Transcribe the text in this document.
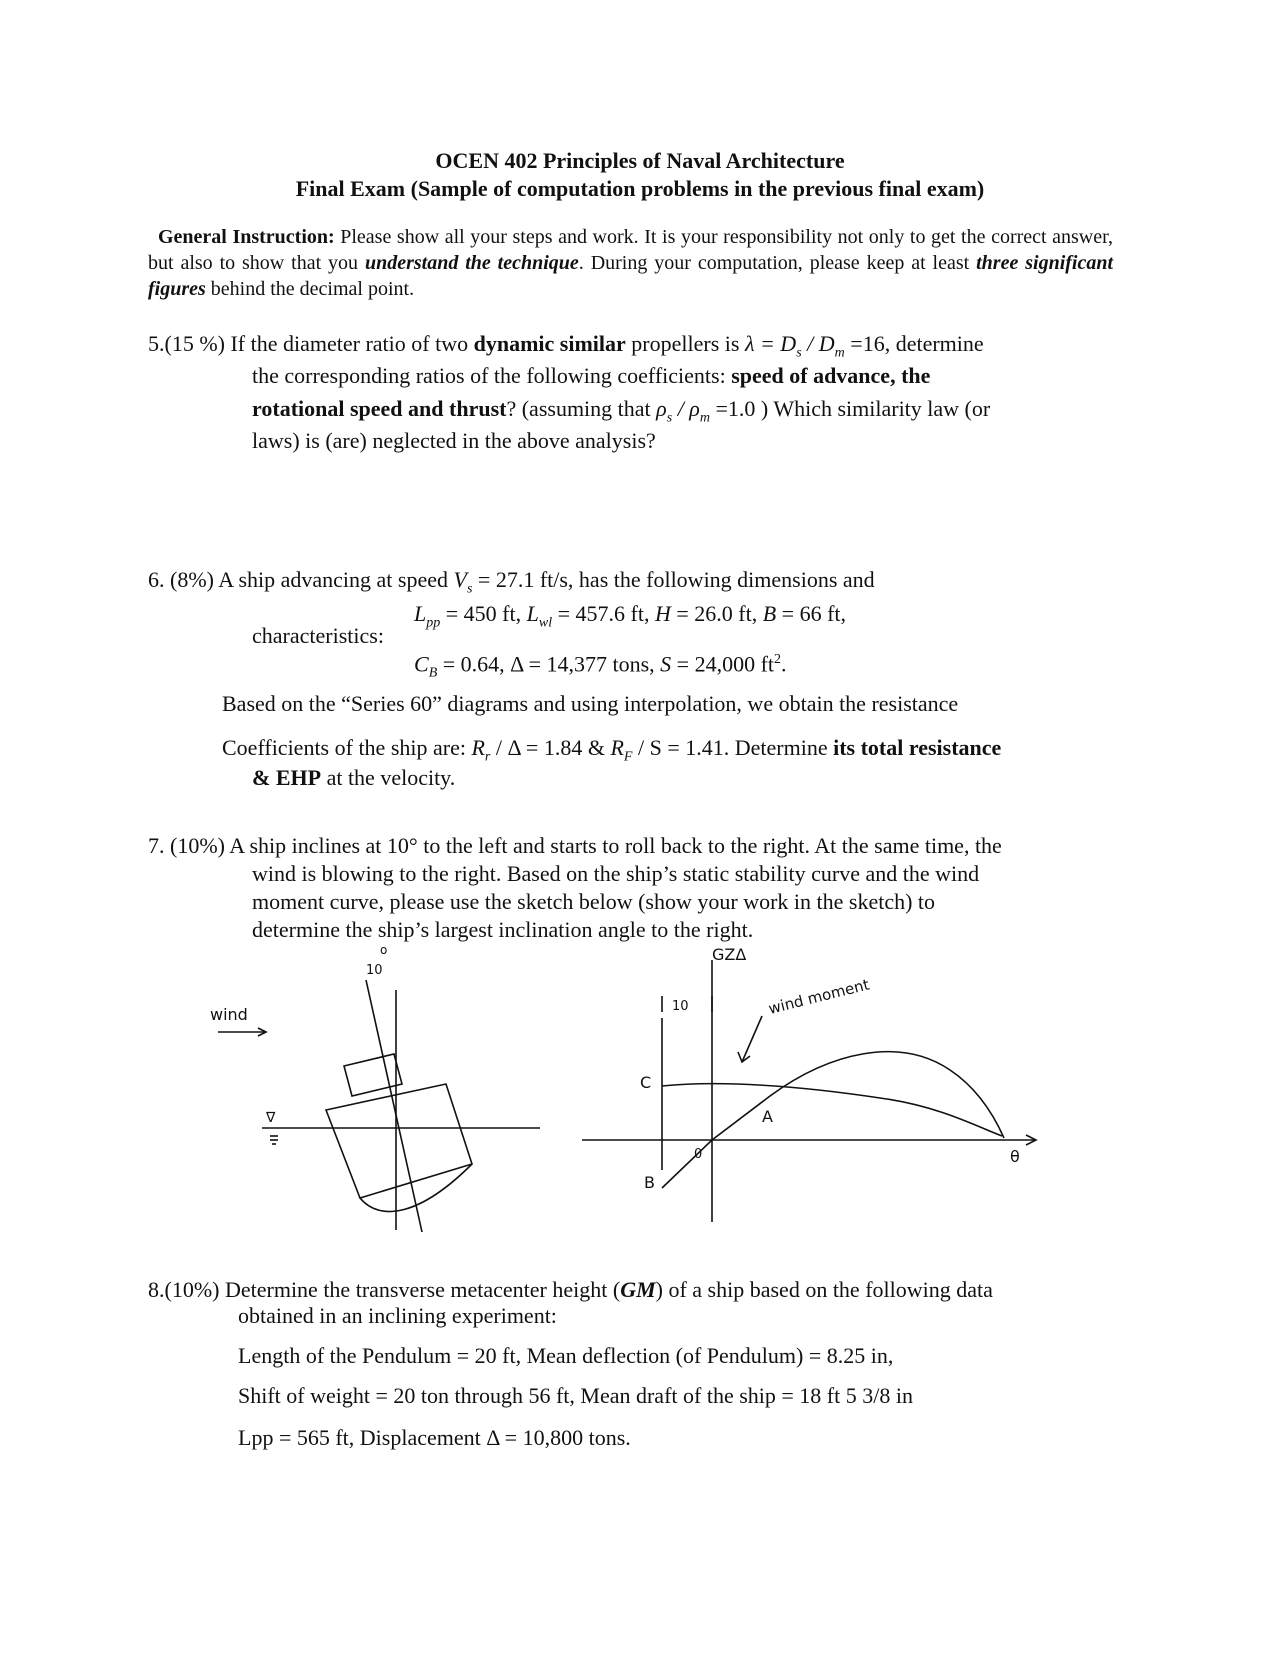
OCEN 402 Principles of Naval Architecture
Final Exam (Sample of computation problems in the previous final exam)
General Instruction: Please show all your steps and work. It is your responsibility not only to get the correct answer, but also to show that you understand the technique. During your computation, please keep at least three significant figures behind the decimal point.
5.(15 %) If the diameter ratio of two dynamic similar propellers is $\lambda = D_s / D_m =16$, determine
the corresponding ratios of the following coefficients: speed of advance, the
rotational speed and thrust? (assuming that $\rho_s / \rho_m =1.0$ ) Which similarity law (or
laws) is (are) neglected in the above analysis?
6. (8%) A ship advancing at speed $V_s = 27.1$ ft/s, has the following dimensions and
$L_{pp} = 450$ ft, $L_{wl} = 457.6$ ft, H = 26.0 ft, B = 66 ft,
characteristics:
$C_B = 0.64$, Δ = 14,377 tons, S = 24,000 $ft^2$.
Based on the “Series 60” diagrams and using interpolation, we obtain the resistance
Coefficients of the ship are: $R_r / \Delta = 1.84$ & $R_F / S = 1.41$. Determine its total resistance
& EHP at the velocity.
7. (10%) A ship inclines at 10° to the left and starts to roll back to the right. At the same time, the
wind is blowing to the right. Based on the ship’s static stability curve and the wind
moment curve, please use the sketch below (show your work in the sketch) to
determine the ship’s largest inclination angle to the right.
wind
10
o
∇
GZΔ
wind moment
10
C
A
B
0	θ
8.(10%) Determine the transverse metacenter height (GM) of a ship based on the following data
obtained in an inclining experiment:
Length of the Pendulum = 20 ft, Mean deflection (of Pendulum) = 8.25 in,
Shift of weight = 20 ton through 56 ft, Mean draft of the ship = 18 ft 5 3/8 in
Lpp = 565 ft, Displacement Δ = 10,800 tons.
